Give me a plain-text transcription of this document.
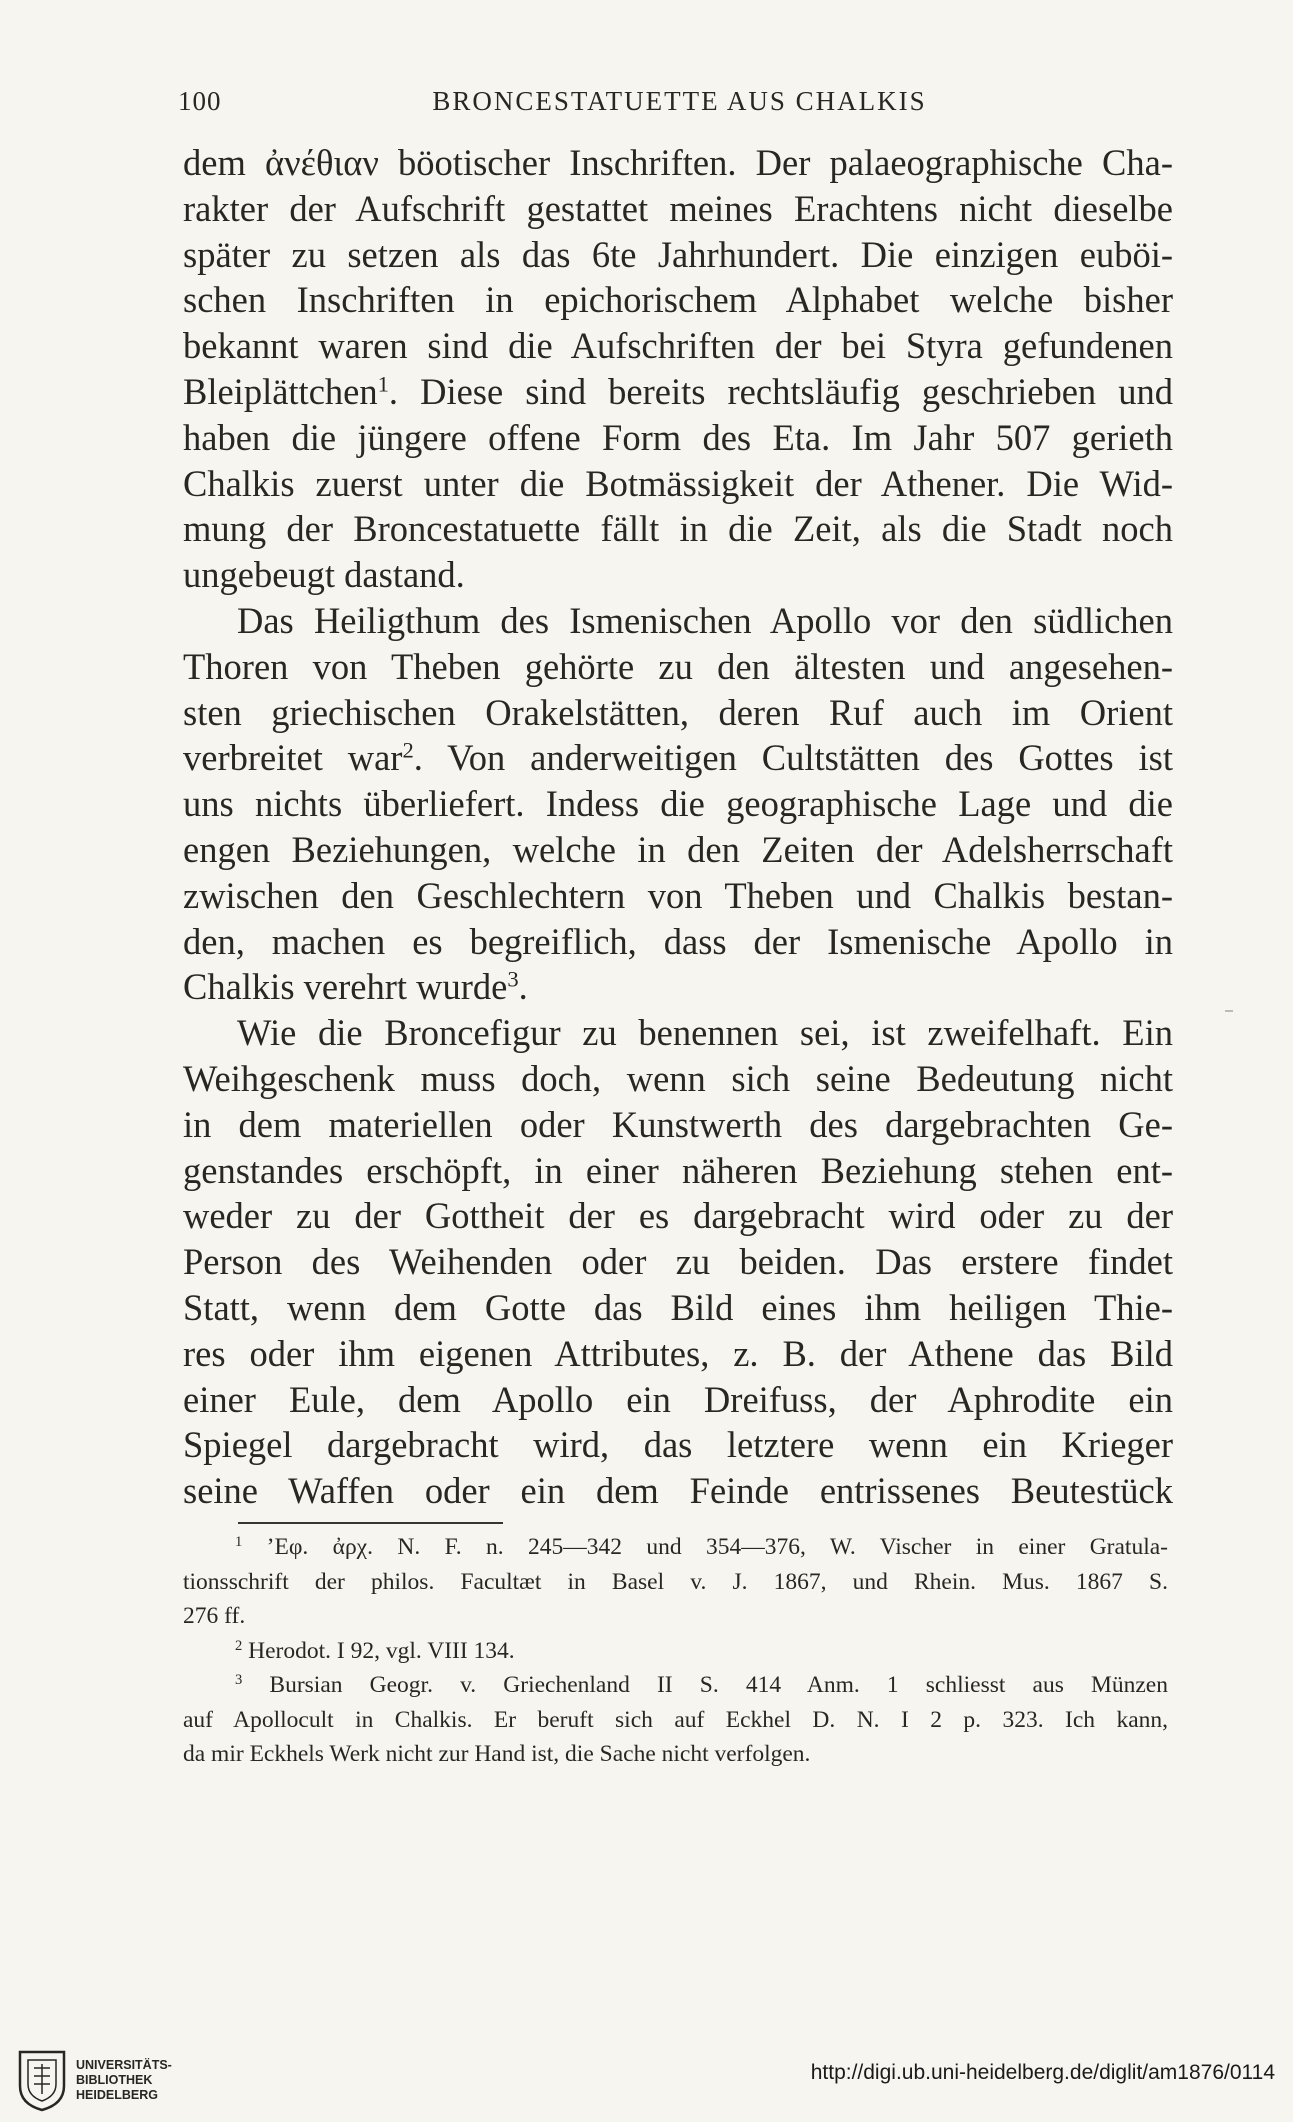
100	BRONCESTATUETTE AUS CHALKIS
dem ἀνέθιαν böotischer Inschriften. Der palaeographische Cha-
rakter der Aufschrift gestattet meines Erachtens nicht dieselbe
später zu setzen als das 6te Jahrhundert. Die einzigen euböi-
schen Inschriften in epichorischem Alphabet welche bisher
bekannt waren sind die Aufschriften der bei Styra gefundenen
Bleiplättchen$^1$. Diese sind bereits rechtsläufig geschrieben und
haben die jüngere offene Form des Eta. Im Jahr 507 gerieth
Chalkis zuerst unter die Botmässigkeit der Athener. Die Wid-
mung der Broncestatuette fällt in die Zeit, als die Stadt noch
ungebeugt dastand.
Das Heiligthum des Ismenischen Apollo vor den südlichen
Thoren von Theben gehörte zu den ältesten und angesehen-
sten griechischen Orakelstätten, deren Ruf auch im Orient
verbreitet war$^2$. Von anderweitigen Cultstätten des Gottes ist
uns nichts überliefert. Indess die geographische Lage und die
engen Beziehungen, welche in den Zeiten der Adelsherrschaft
zwischen den Geschlechtern von Theben und Chalkis bestan-
den, machen es begreiflich, dass der Ismenische Apollo in
Chalkis verehrt wurde$^3$.
Wie die Broncefigur zu benennen sei, ist zweifelhaft. Ein
Weihgeschenk muss doch, wenn sich seine Bedeutung nicht
in dem materiellen oder Kunstwerth des dargebrachten Ge-
genstandes erschöpft, in einer näheren Beziehung stehen ent-
weder zu der Gottheit der es dargebracht wird oder zu der
Person des Weihenden oder zu beiden. Das erstere findet
Statt, wenn dem Gotte das Bild eines ihm heiligen Thie-
res oder ihm eigenen Attributes, z. B. der Athene das Bild
einer Eule, dem Apollo ein Dreifuss, der Aphrodite ein
Spiegel dargebracht wird, das letztere wenn ein Krieger
seine Waffen oder ein dem Feinde entrissenes Beutestück
$^1$ ’Εφ. ἀρχ. N. F. n. 245—342 und 354—376, W. Vischer in einer Gratula-
tionsschrift der philos. Facultæt in Basel v. J. 1867, und Rhein. Mus. 1867 S.
276 ff.
$^2$ Herodot. I 92, vgl. VIII 134.
$^3$ Bursian Geogr. v. Griechenland II S. 414 Anm. 1 schliesst aus Münzen
auf Apollocult in Chalkis. Er beruft sich auf Eckhel D. N. I 2 p. 323. Ich kann,
da mir Eckhels Werk nicht zur Hand ist, die Sache nicht verfolgen.
UNIVERSITÄTS-
BIBLIOTHEK
HEIDELBERG
http://digi.ub.uni-heidelberg.de/diglit/am1876/0114
